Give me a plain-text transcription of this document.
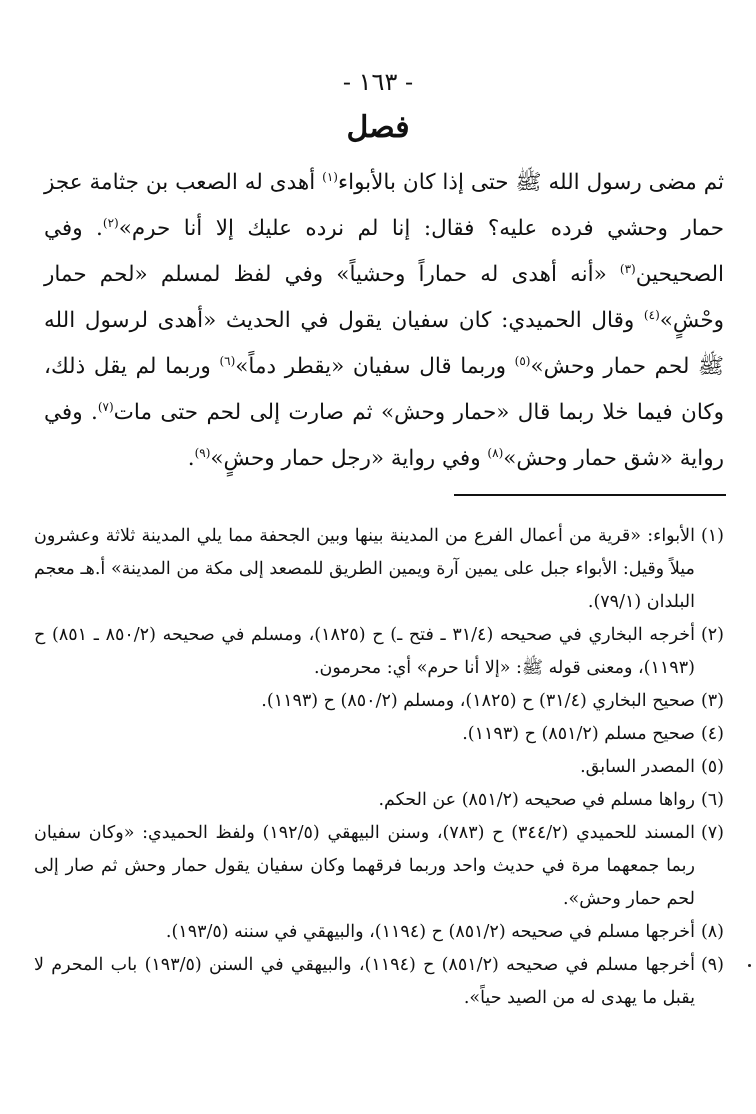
- ١٦٣ -
فصل

ثم مضى رسول الله ﷺ حتى إذا كان بالأبواء$^{(١)}$ أهدى له الصعب بن جثامة عجز حمار وحشي فرده عليه؟ فقال: إنا لم نرده عليك إلا أنا حرم»$^{(٢)}$. وفي الصحيحين$^{(٣)}$ «أنه أهدى له حماراً وحشياً» وفي لفظ لمسلم «لحم حمار وحْشٍ»$^{(٤)}$ وقال الحميدي: كان سفيان يقول في الحديث «أهدى لرسول الله ﷺ لحم حمار وحش»$^{(٥)}$ وربما قال سفيان «يقطر دماً»$^{(٦)}$ وربما لم يقل ذلك، وكان فيما خلا ربما قال «حمار وحش» ثم صارت إلى لحم حتى مات$^{(٧)}$. وفي رواية «شق حمار وحش»$^{(٨)}$ وفي رواية «رجل حمار وحشٍ»$^{(٩)}$.

(١)
الأبواء: «قرية من أعمال الفرع من المدينة بينها وبين الجحفة مما يلي المدينة ثلاثة وعشرون ميلاً وقيل: الأبواء جبل على يمين آرة ويمين الطريق للمصعد إلى مكة من المدينة» أ.هـ معجم البلدان (٧٩/١).
(٢)
أخرجه البخاري في صحيحه (٣١/٤ ـ فتح ـ) ح (١٨٢٥)، ومسلم في صحيحه (٨٥٠/٢ ـ ٨٥١) ح (١١٩٣)، ومعنى قوله ﷺ: «إلا أنا حرم» أي: محرمون.
(٣)
صحيح البخاري (٣١/٤) ح (١٨٢٥)، ومسلم (٨٥٠/٢) ح (١١٩٣).
(٤)
صحيح مسلم (٨٥١/٢) ح (١١٩٣).
(٥)
المصدر السابق.
(٦)
رواها مسلم في صحيحه (٨٥١/٢) عن الحكم.
(٧)
المسند للحميدي (٣٤٤/٢) ح (٧٨٣)، وسنن البيهقي (١٩٢/٥) ولفظ الحميدي: «وكان سفيان ربما جمعهما مرة في حديث واحد وربما فرقهما وكان سفيان يقول حمار وحش ثم صار إلى لحم حمار وحش».
(٨)
أخرجها مسلم في صحيحه (٨٥١/٢) ح (١١٩٤)، والبيهقي في سننه (١٩٣/٥).
(٩)
أخرجها مسلم في صحيحه (٨٥١/٢) ح (١١٩٤)، والبيهقي في السنن (١٩٣/٥) باب المحرم لا يقبل ما يهدى له من الصيد حياً».
